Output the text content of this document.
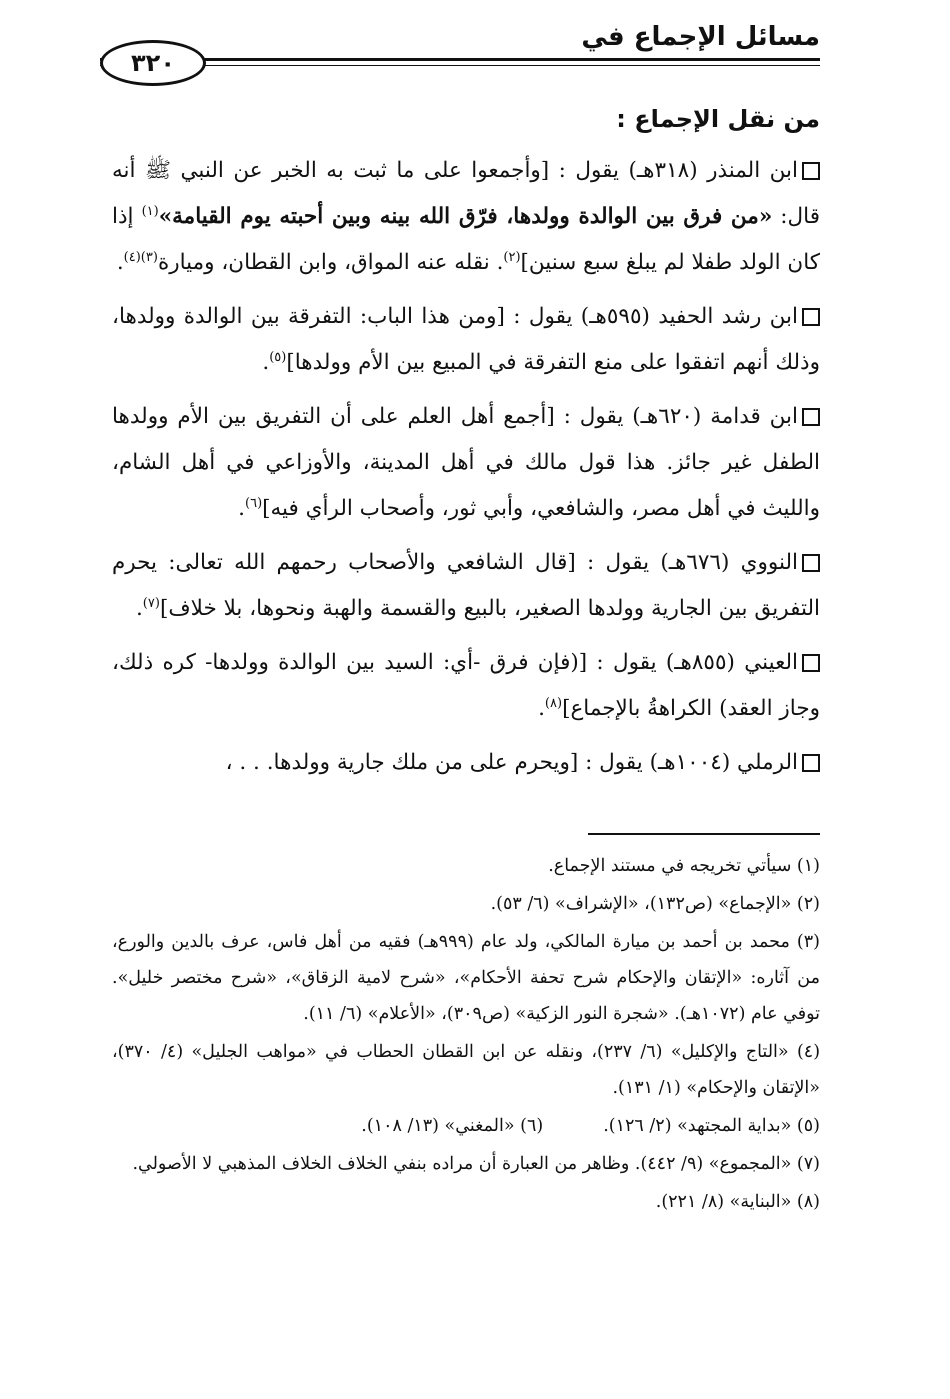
مسائل الإجماع في
٣٢٠

من نقل الإجماع :

ابن المنذر (٣١٨هـ) يقول : [وأجمعوا على ما ثبت به الخبر عن النبي ﷺ أنه قال: «من فرق بين الوالدة وولدها، فرّق الله بينه وبين أحبته يوم القيامة»$^{(١)}$ إذا كان الولد طفلا لم يبلغ سبع سنين]$^{(٢)}$. نقله عنه المواق، وابن القطان، وميارة$^{(٣)(٤)}$.

ابن رشد الحفيد (٥٩٥هـ) يقول : [ومن هذا الباب: التفرقة بين الوالدة وولدها، وذلك أنهم اتفقوا على منع التفرقة في المبيع بين الأم وولدها]$^{(٥)}$.

ابن قدامة (٦٢٠هـ) يقول : [أجمع أهل العلم على أن التفريق بين الأم وولدها الطفل غير جائز. هذا قول مالك في أهل المدينة، والأوزاعي في أهل الشام، والليث في أهل مصر، والشافعي، وأبي ثور، وأصحاب الرأي فيه]$^{(٦)}$.

النووي (٦٧٦هـ) يقول : [قال الشافعي والأصحاب رحمهم الله تعالى: يحرم التفريق بين الجارية وولدها الصغير، بالبيع والقسمة والهبة ونحوها، بلا خلاف]$^{(٧)}$.

العيني (٨٥٥هـ) يقول : [(فإن فرق -أي: السيد بين الوالدة وولدها- كره ذلك، وجاز العقد) الكراهةُ بالإجماع]$^{(٨)}$.

الرملي (١٠٠٤هـ) يقول : [ويحرم على من ملك جارية وولدها. . . ،

(١) سيأتي تخريجه في مستند الإجماع.

(٢) «الإجماع» (ص١٣٢)، «الإشراف» (٦/ ٥٣).

(٣) محمد بن أحمد بن ميارة المالكي، ولد عام (٩٩٩هـ) فقيه من أهل فاس، عرف بالدين والورع، من آثاره: «الإتقان والإحكام شرح تحفة الأحكام»، «شرح لامية الزقاق»، «شرح مختصر خليل». توفي عام (١٠٧٢هـ). «شجرة النور الزكية» (ص٣٠٩)، «الأعلام» (٦/ ١١).

(٤) «التاج والإكليل» (٦/ ٢٣٧)، ونقله عن ابن القطان الحطاب في «مواهب الجليل» (٤/ ٣٧٠)، «الإتقان والإحكام» (١/ ١٣١).

(٥) «بداية المجتهد» (٢/ ١٢٦).(٦) «المغني» (١٣/ ١٠٨).

(٧) «المجموع» (٩/ ٤٤٢). وظاهر من العبارة أن مراده بنفي الخلاف الخلاف المذهبي لا الأصولي.

(٨) «البناية» (٨/ ٢٢١).
